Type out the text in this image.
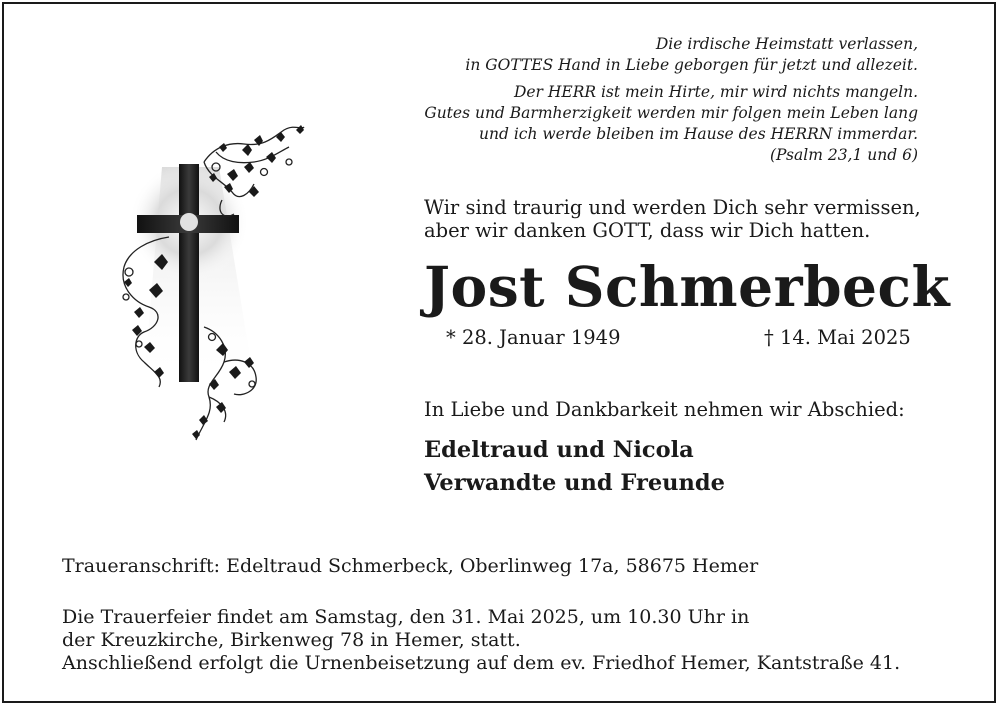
Die irdische Heimstatt verlassen,

in GOTTES Hand in Liebe geborgen für jetzt und allezeit.

Der HERR ist mein Hirte, mir wird nichts mangeln.

Gutes und Barmherzigkeit werden mir folgen mein Leben lang

und ich werde bleiben im Hause des HERRN immerdar.

(Psalm 23,1 und 6)

Wir sind traurig und werden Dich sehr vermissen,

aber wir danken GOTT, dass wir Dich hatten.

Jost Schmerbeck
* 28. Januar 1949	† 14. Mai 2025
In Liebe und Dankbarkeit nehmen wir Abschied:

Edeltraud und Nicola

Verwandte und Freunde

Traueranschrift: Edeltraud Schmerbeck, Oberlinweg 17a, 58675 Hemer

Die Trauerfeier findet am Samstag, den 31. Mai 2025, um 10.30 Uhr in

der Kreuzkirche, Birkenweg 78 in Hemer, statt.

Anschließend erfolgt die Urnenbeisetzung auf dem ev. Friedhof Hemer, Kantstraße 41.
